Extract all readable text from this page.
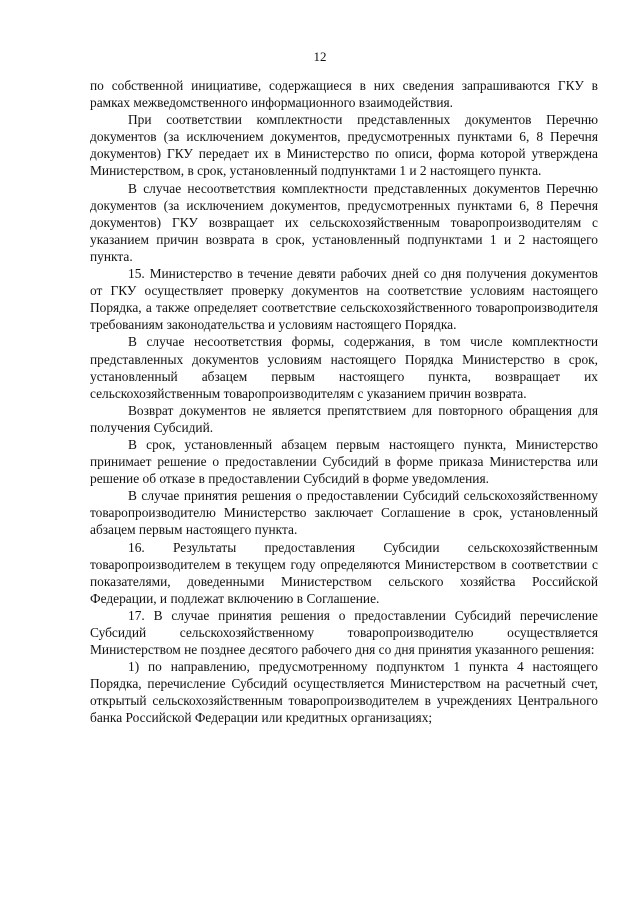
12

по собственной инициативе, содержащиеся в них сведения запрашиваются ГКУ в рамках межведомственного информационного взаимодействия.

При соответствии комплектности представленных документов Перечню документов (за исключением документов, предусмотренных пунктами 6, 8 Перечня документов) ГКУ передает их в Министерство по описи, форма которой утверждена Министерством, в срок, установленный подпунктами 1 и 2 настоящего пункта.

В случае несоответствия комплектности представленных документов Перечню документов (за исключением документов, предусмотренных пунктами 6, 8 Перечня документов) ГКУ возвращает их сельскохозяйственным товаропроизводителям с указанием причин возврата в срок, установленный подпунктами 1 и 2 настоящего пункта.

15. Министерство в течение девяти рабочих дней со дня получения документов от ГКУ осуществляет проверку документов на соответствие условиям настоящего Порядка, а также определяет соответствие сельскохозяйственного товаропроизводителя требованиям законодательства и условиям настоящего Порядка.

В случае несоответствия формы, содержания, в том числе комплектности представленных документов условиям настоящего Порядка Министерство в срок, установленный абзацем первым настоящего пункта, возвращает их сельскохозяйственным товаропроизводителям с указанием причин возврата.

Возврат документов не является препятствием для повторного обращения для получения Субсидий.

В срок, установленный абзацем первым настоящего пункта, Министерство принимает решение о предоставлении Субсидий в форме приказа Министерства или решение об отказе в предоставлении Субсидий в форме уведомления.

В случае принятия решения о предоставлении Субсидий сельскохозяйственному товаропроизводителю Министерство заключает Соглашение в срок, установленный абзацем первым настоящего пункта.

16. Результаты предоставления Субсидии сельскохозяйственным товаропроизводителем в текущем году определяются Министерством в соответствии с показателями, доведенными Министерством сельского хозяйства Российской Федерации, и подлежат включению в Соглашение.

17. В случае принятия решения о предоставлении Субсидий перечисление Субсидий сельскохозяйственному товаропроизводителю осуществляется Министерством не позднее десятого рабочего дня со дня принятия указанного решения:

1) по направлению, предусмотренному подпунктом 1 пункта 4 настоящего Порядка, перечисление Субсидий осуществляется Министерством на расчетный счет, открытый сельскохозяйственным товаропроизводителем в учреждениях Центрального банка Российской Федерации или кредитных организациях;
